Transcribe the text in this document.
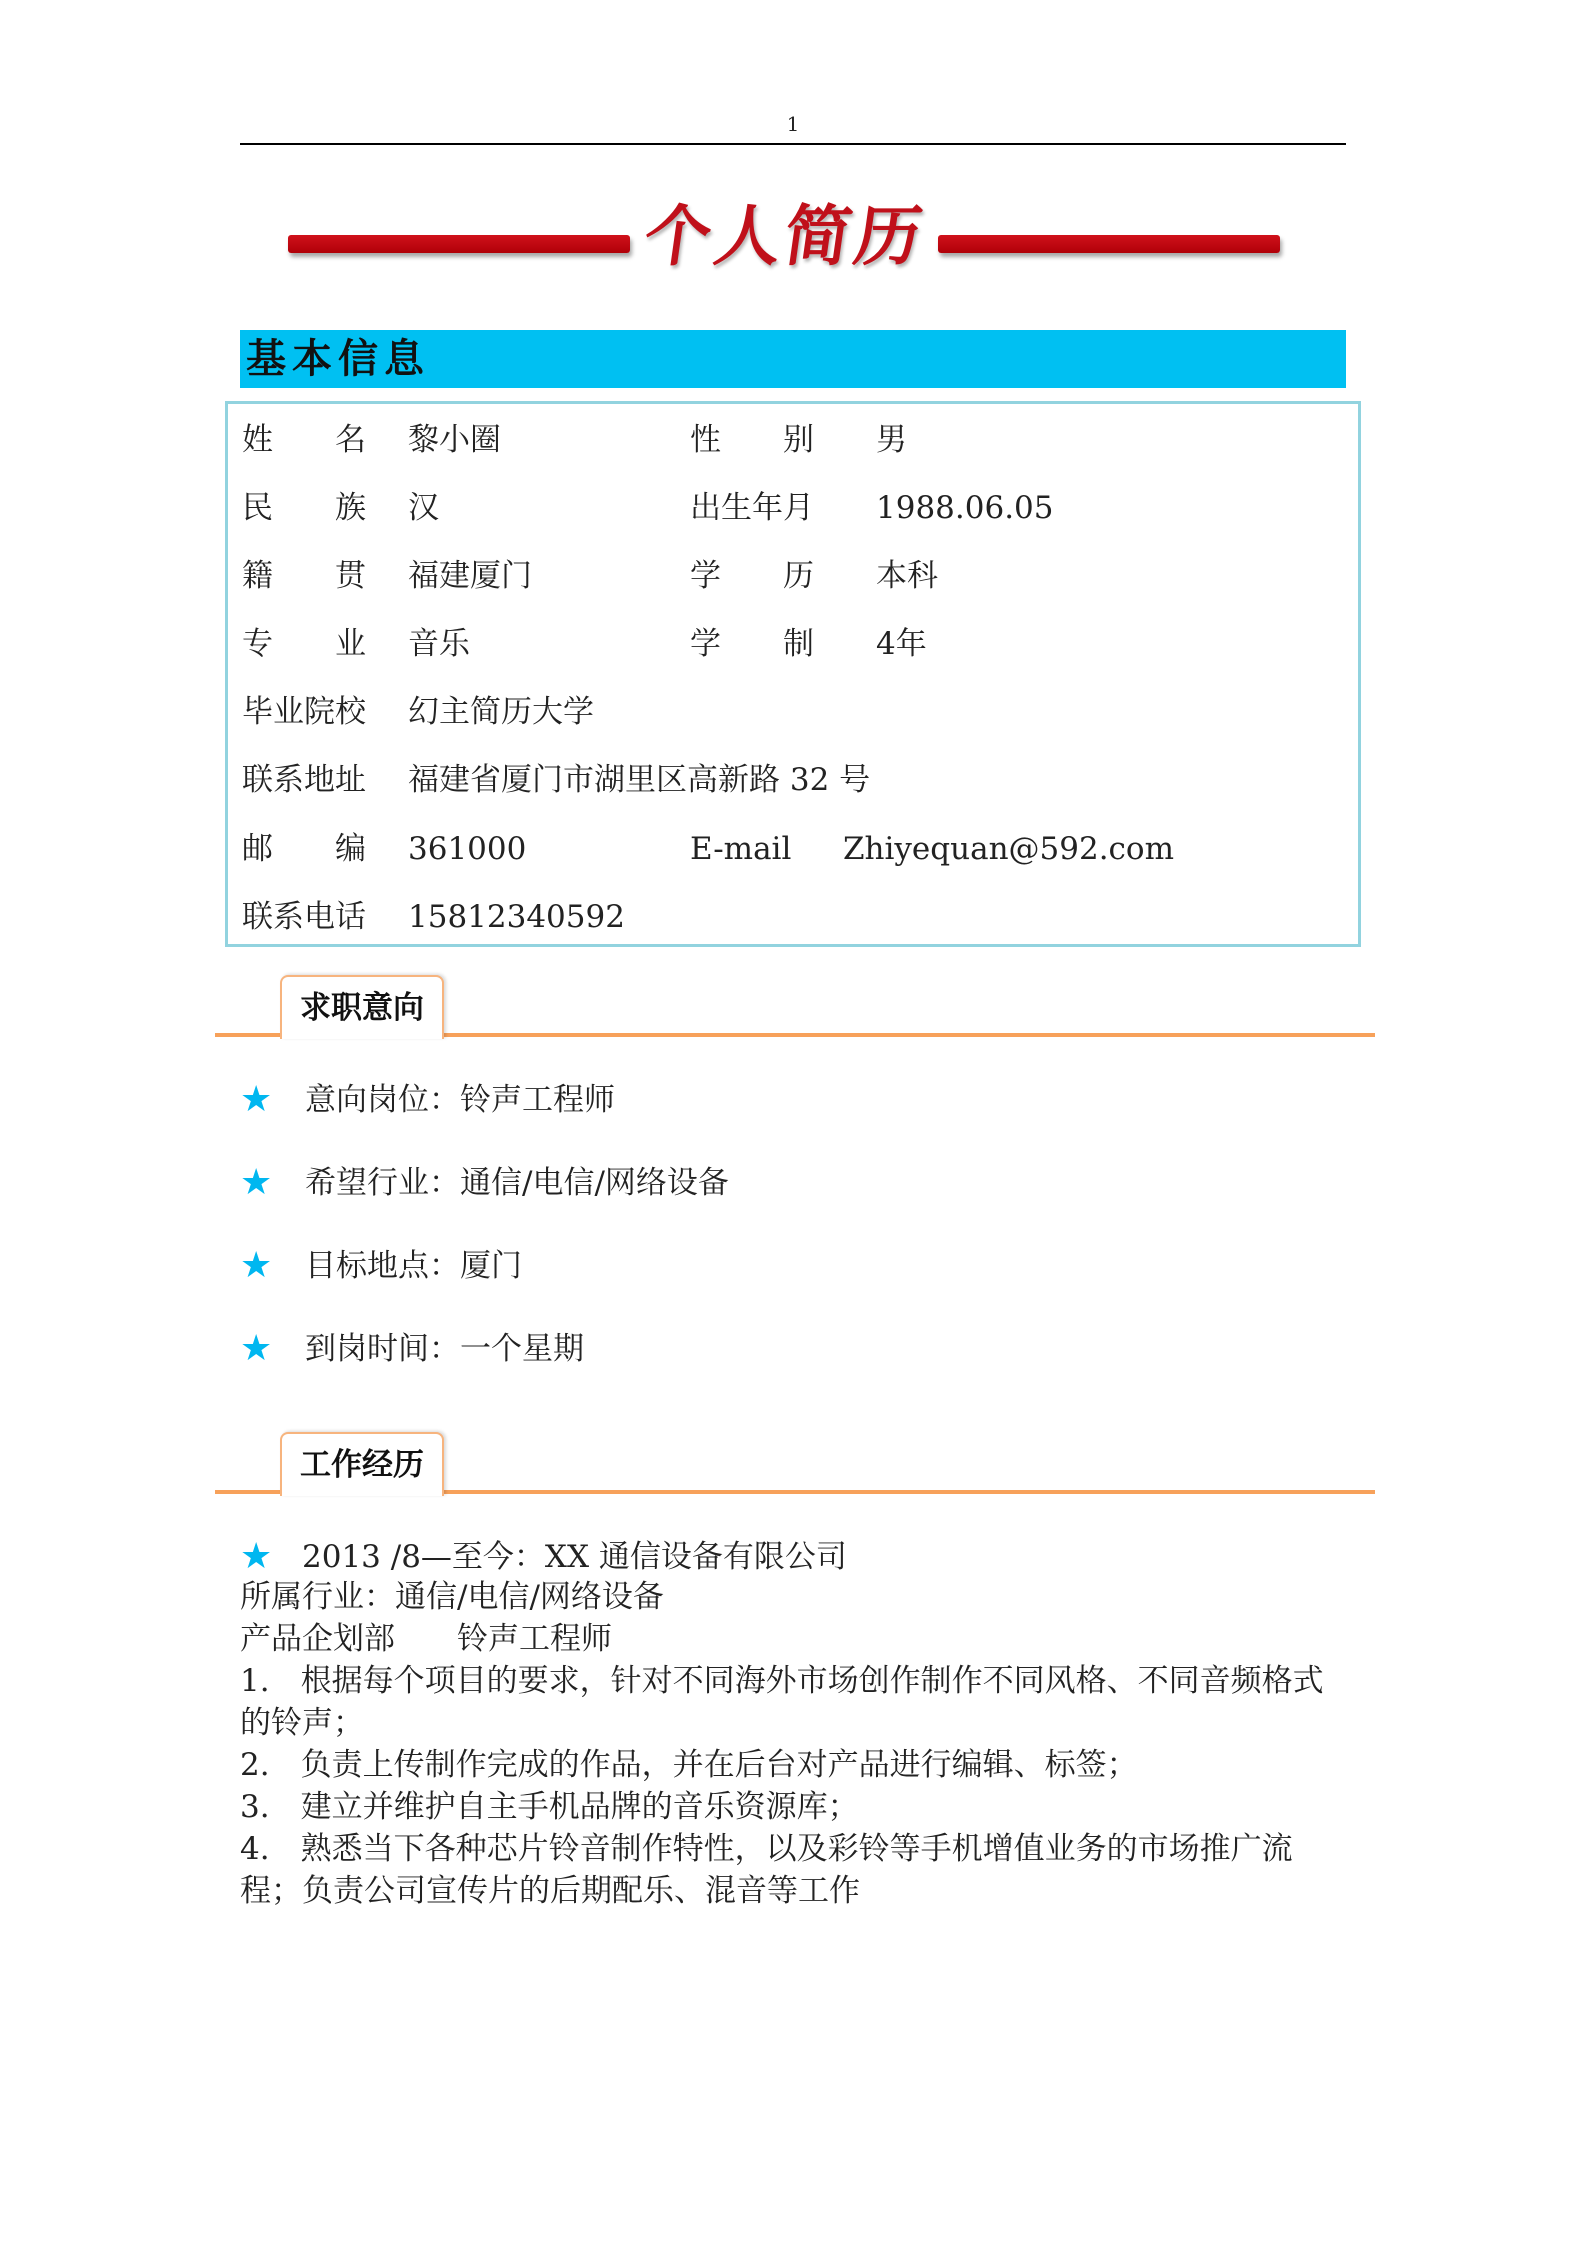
1
个人简历
基本信息
姓　　名 黎小圈	性　　别 男
民　　族 汉	出生年月 1988.06.05
籍　　贯 福建厦门	学　　历 本科
专　　业 音乐	学　　制 4年
毕业院校 幻主简历大学
联系地址 福建省厦门市湖里区高新路 32 号
邮　　编 361000	E-mail Zhiyequan@592.com
联系电话 15812340592
求职意向
★ 意向岗位：铃声工程师
★ 希望行业：通信/电信/网络设备
★ 目标地点：厦门
★ 到岗时间：一个星期
工作经历
★ 2013 /8—至今：XX 通信设备有限公司
所属行业：通信/电信/网络设备
产品企划部　　铃声工程师
1.　根据每个项目的要求，针对不同海外市场创作制作不同风格、不同音频格式的铃声；
2.　负责上传制作完成的作品，并在后台对产品进行编辑、标签；
3.　建立并维护自主手机品牌的音乐资源库；
4.　熟悉当下各种芯片铃音制作特性，以及彩铃等手机增值业务的市场推广流程；负责公司宣传片的后期配乐、混音等工作
